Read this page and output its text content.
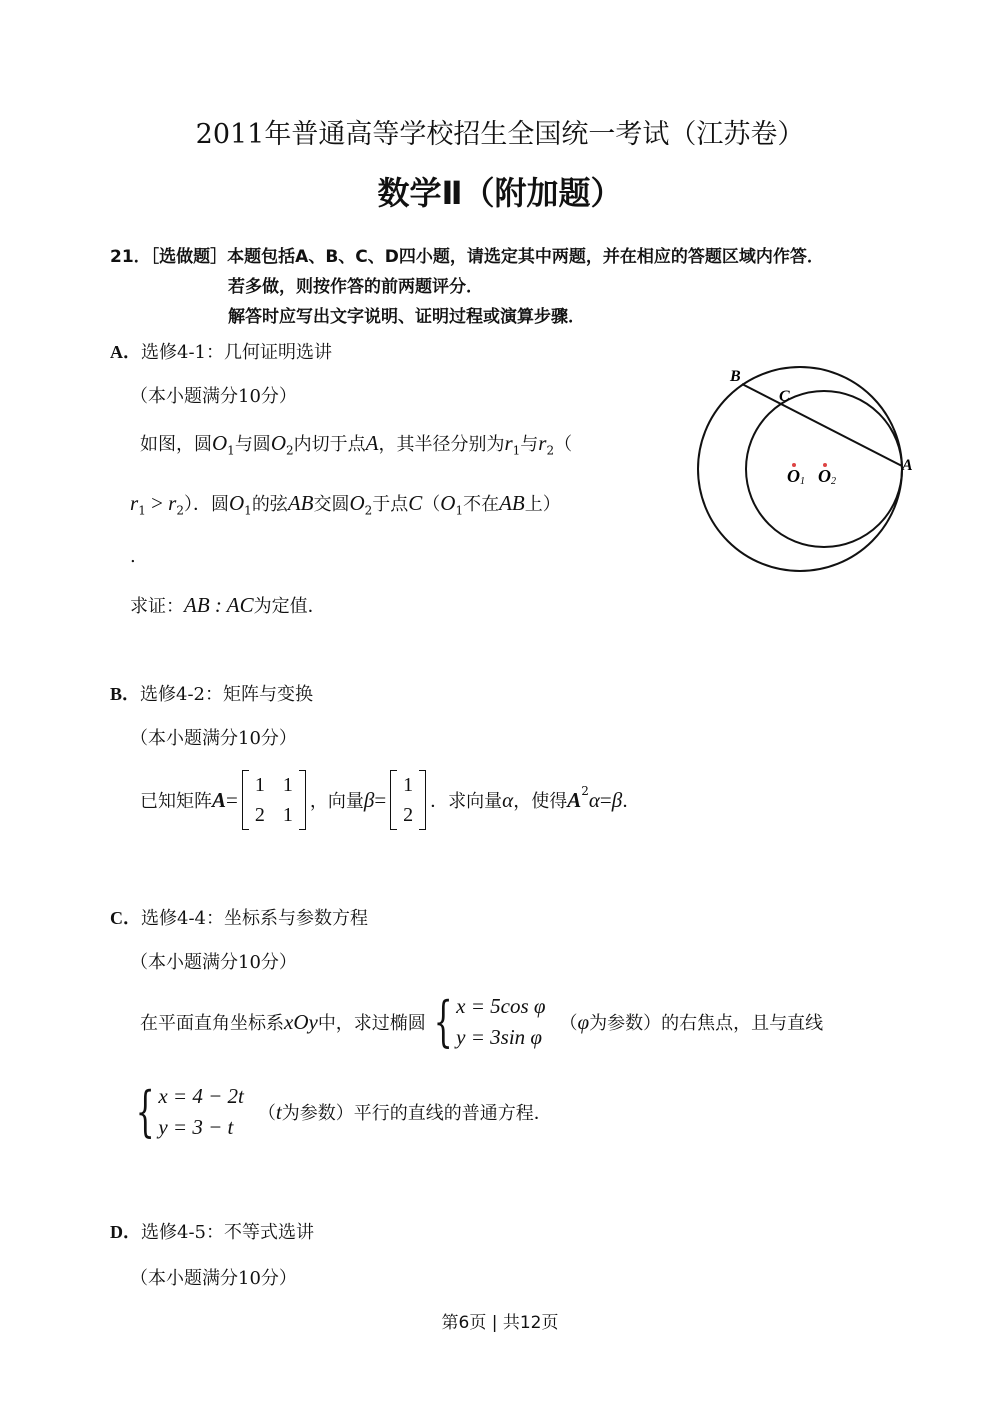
2011年普通高等学校招生全国统一考试（江苏卷）
数学Ⅱ（附加题）
21．［选做题］本题包括A、B、C、D四小题，请选定其中两题，并在相应的答题区域内作答．
若多做，则按作答的前两题评分．
解答时应写出文字说明、证明过程或演算步骤．
A．选修4-1：几何证明选讲
（本小题满分10分）
如图，圆$O_1$与圆$O_2$内切于点A，其半径分别为$r_1$与$r_2$（
$r_1 > r_2$）．圆$O_1$的弦AB交圆$O_2$于点$C(O_1$不在AB上）
.
求证：AB : AC为定值．
B
C
A
O 1 O 2
B．选修4-2：矩阵与变换
（本小题满分10分）
已知矩阵 A =
1 1
2 1
，向量 β =
1
2
．求向量 α ，使得 $A^2$ α = β ．
C．选修4-4：坐标系与参数方程
（本小题满分10分）
在平面直角坐标系 xOy 中，求过椭圆 { x = 5cos φ
y = 3sin φ
（ φ 为参数）的右焦点，且与直线
{ x = 4 − 2t
y = 3 − t
（ t 为参数）平行的直线的普通方程．
D．选修4-5：不等式选讲
（本小题满分10分）
第6页 | 共12页
